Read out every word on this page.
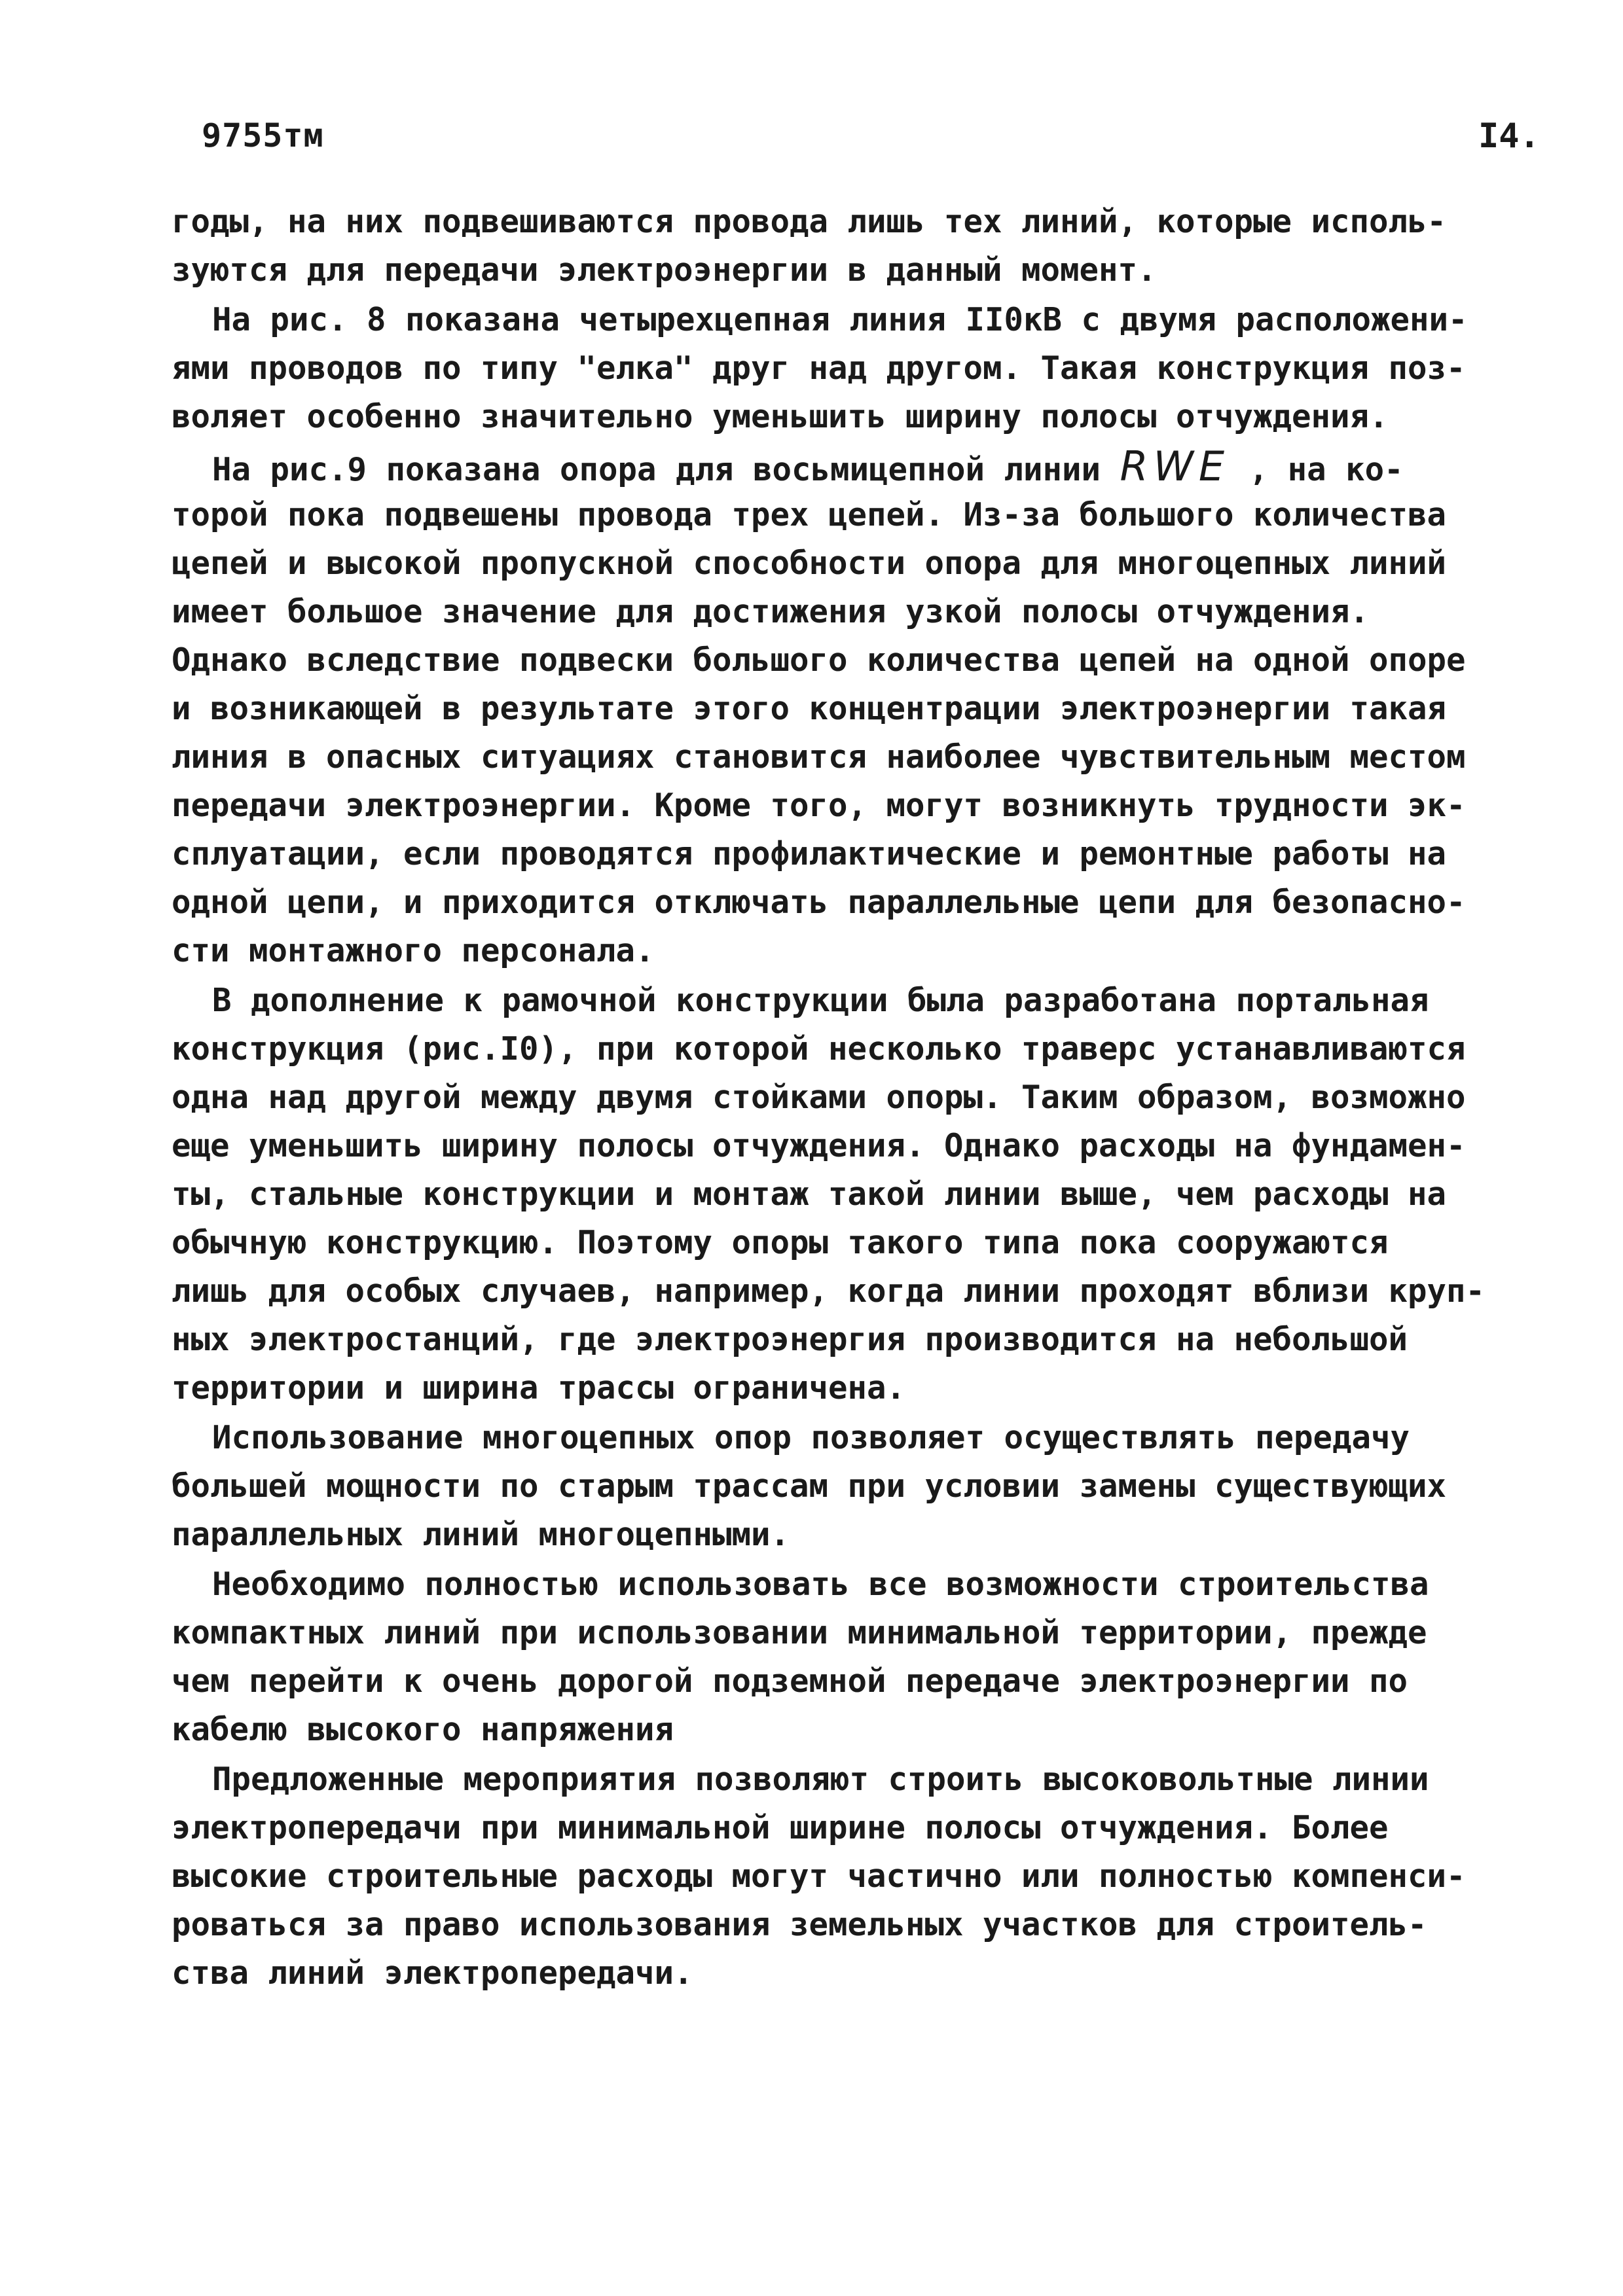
9755тм	I4.
годы, на них подвешиваются провода лишь тех линий, которые исполь-
зуются для передачи электроэнергии в данный момент.
На рис. 8 показана четырехцепная линия II0кВ с двумя расположени-
ями проводов по типу "елка" друг над другом. Такая конструкция поз-
воляет особенно значительно уменьшить ширину полосы отчуждения.
На рис.9 показана опора для восьмицепной линии RWE , на ко-
торой пока подвешены провода трех цепей. Из-за большого количества
цепей и высокой пропускной способности опора для многоцепных линий
имеет большое значение для достижения узкой полосы отчуждения.
Однако вследствие подвески большого количества цепей на одной опоре
и возникающей в результате этого концентрации электроэнергии такая
линия в опасных ситуациях становится наиболее чувствительным местом
передачи электроэнергии. Кроме того, могут возникнуть трудности эк-
сплуатации, если проводятся профилактические и ремонтные работы на
одной цепи, и приходится отключать параллельные цепи для безопасно-
сти монтажного персонала.
В дополнение к рамочной конструкции была разработана портальная
конструкция (рис.I0), при которой несколько траверс устанавливаются
одна над другой между двумя стойками опоры. Таким образом, возможно
еще уменьшить ширину полосы отчуждения. Однако расходы на фундамен-
ты, стальные конструкции и монтаж такой линии выше, чем расходы на
обычную конструкцию. Поэтому опоры такого типа пока сооружаются
лишь для особых случаев, например, когда линии проходят вблизи круп-
ных электростанций, где электроэнергия производится на небольшой
территории и ширина трассы ограничена.
Использование многоцепных опор позволяет осуществлять передачу
большей мощности по старым трассам при условии замены существующих
параллельных линий многоцепными.
Необходимо полностью использовать все возможности строительства
компактных линий при использовании минимальной территории, прежде
чем перейти к очень дорогой подземной передаче электроэнергии по
кабелю высокого напряжения
Предложенные мероприятия позволяют строить высоковольтные линии
электропередачи при минимальной ширине полосы отчуждения. Более
высокие строительные расходы могут частично или полностью компенси-
роваться за право использования земельных участков для строитель-
ства линий электропередачи.
